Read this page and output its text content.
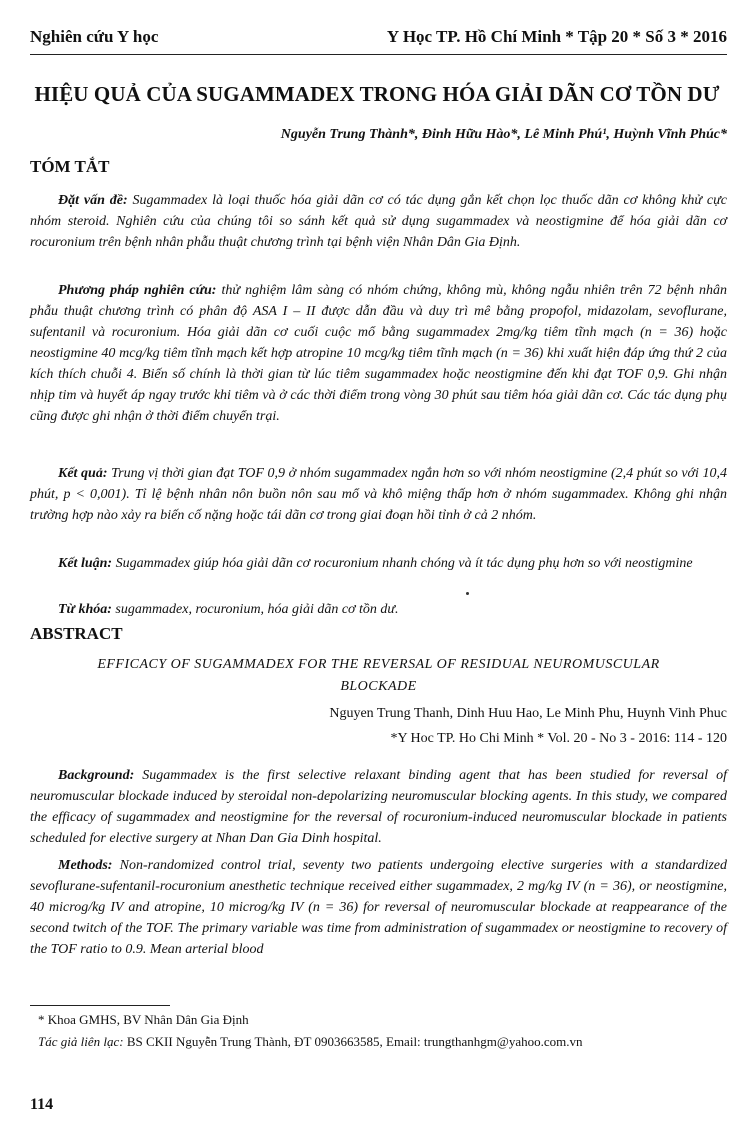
Nghiên cứu Y học	Y Học TP. Hồ Chí Minh * Tập 20 * Số 3 * 2016
HIỆU QUẢ CỦA SUGAMMADEX TRONG HÓA GIẢI DÃN CƠ TỒN DƯ
Nguyễn Trung Thành*, Đinh Hữu Hào*, Lê Minh Phú¹, Huỳnh Vĩnh Phúc*
TÓM TẮT

Đặt vấn đề: Sugammadex là loại thuốc hóa giải dãn cơ có tác dụng gắn kết chọn lọc thuốc dãn cơ không khử cực nhóm steroid. Nghiên cứu của chúng tôi so sánh kết quả sử dụng sugammadex và neostigmine để hóa giải dãn cơ rocuronium trên bệnh nhân phẫu thuật chương trình tại bệnh viện Nhân Dân Gia Định.

Phương pháp nghiên cứu: thử nghiệm lâm sàng có nhóm chứng, không mù, không ngẫu nhiên trên 72 bệnh nhân phẫu thuật chương trình có phân độ ASA I – II được dẫn đầu và duy trì mê bằng propofol, midazolam, sevoflurane, sufentanil và rocuronium. Hóa giải dãn cơ cuối cuộc mổ bằng sugammadex 2mg/kg tiêm tĩnh mạch (n = 36) hoặc neostigmine 40 mcg/kg tiêm tĩnh mạch kết hợp atropine 10 mcg/kg tiêm tĩnh mạch (n = 36) khi xuất hiện đáp ứng thứ 2 của kích thích chuỗi 4. Biến số chính là thời gian từ lúc tiêm sugammadex hoặc neostigmine đến khi đạt TOF 0,9. Ghi nhận nhịp tim và huyết áp ngay trước khi tiêm và ở các thời điểm trong vòng 30 phút sau tiêm hóa giải dãn cơ. Các tác dụng phụ cũng được ghi nhận ở thời điểm chuyển trại.

Kết quả: Trung vị thời gian đạt TOF 0,9 ở nhóm sugammadex ngắn hơn so với nhóm neostigmine (2,4 phút so với 10,4 phút, p < 0,001). Tỉ lệ bệnh nhân nôn buồn nôn sau mổ và khô miệng thấp hơn ở nhóm sugammadex. Không ghi nhận trường hợp nào xảy ra biến cố nặng hoặc tái dãn cơ trong giai đoạn hồi tỉnh ở cả 2 nhóm.

Kết luận: Sugammadex giúp hóa giải dãn cơ rocuronium nhanh chóng và ít tác dụng phụ hơn so với neostigmine

Từ khóa: sugammadex, rocuronium, hóa giải dãn cơ tồn dư.

ABSTRACT
EFFICACY OF SUGAMMADEX FOR THE REVERSAL OF RESIDUAL NEUROMUSCULAR
BLOCKADE
Nguyen Trung Thanh, Dinh Huu Hao, Le Minh Phu, Huynh Vinh Phuc
*Y Hoc TP. Ho Chi Minh * Vol. 20 - No 3 - 2016: 114 - 120

Background: Sugammadex is the first selective relaxant binding agent that has been studied for reversal of neuromuscular blockade induced by steroidal non-depolarizing neuromuscular blocking agents. In this study, we compared the efficacy of sugammadex and neostigmine for the reversal of rocuronium-induced neuromuscular blockade in patients scheduled for elective surgery at Nhan Dan Gia Dinh hospital.

Methods: Non-randomized control trial, seventy two patients undergoing elective surgeries with a standardized sevoflurane-sufentanil-rocuronium anesthetic technique received either sugammadex, 2 mg/kg IV (n = 36), or neostigmine, 40 microg/kg IV and atropine, 10 microg/kg IV (n = 36) for reversal of neuromuscular blockade at reappearance of the second twitch of the TOF. The primary variable was time from administration of sugammadex or neostigmine to recovery of the TOF ratio to 0.9. Mean arterial blood

* Khoa GMHS, BV Nhân Dân Gia Định
Tác giả liên lạc: BS CKII Nguyễn Trung Thành, ĐT 0903663585, Email: trungthanhgm@yahoo.com.vn
114
